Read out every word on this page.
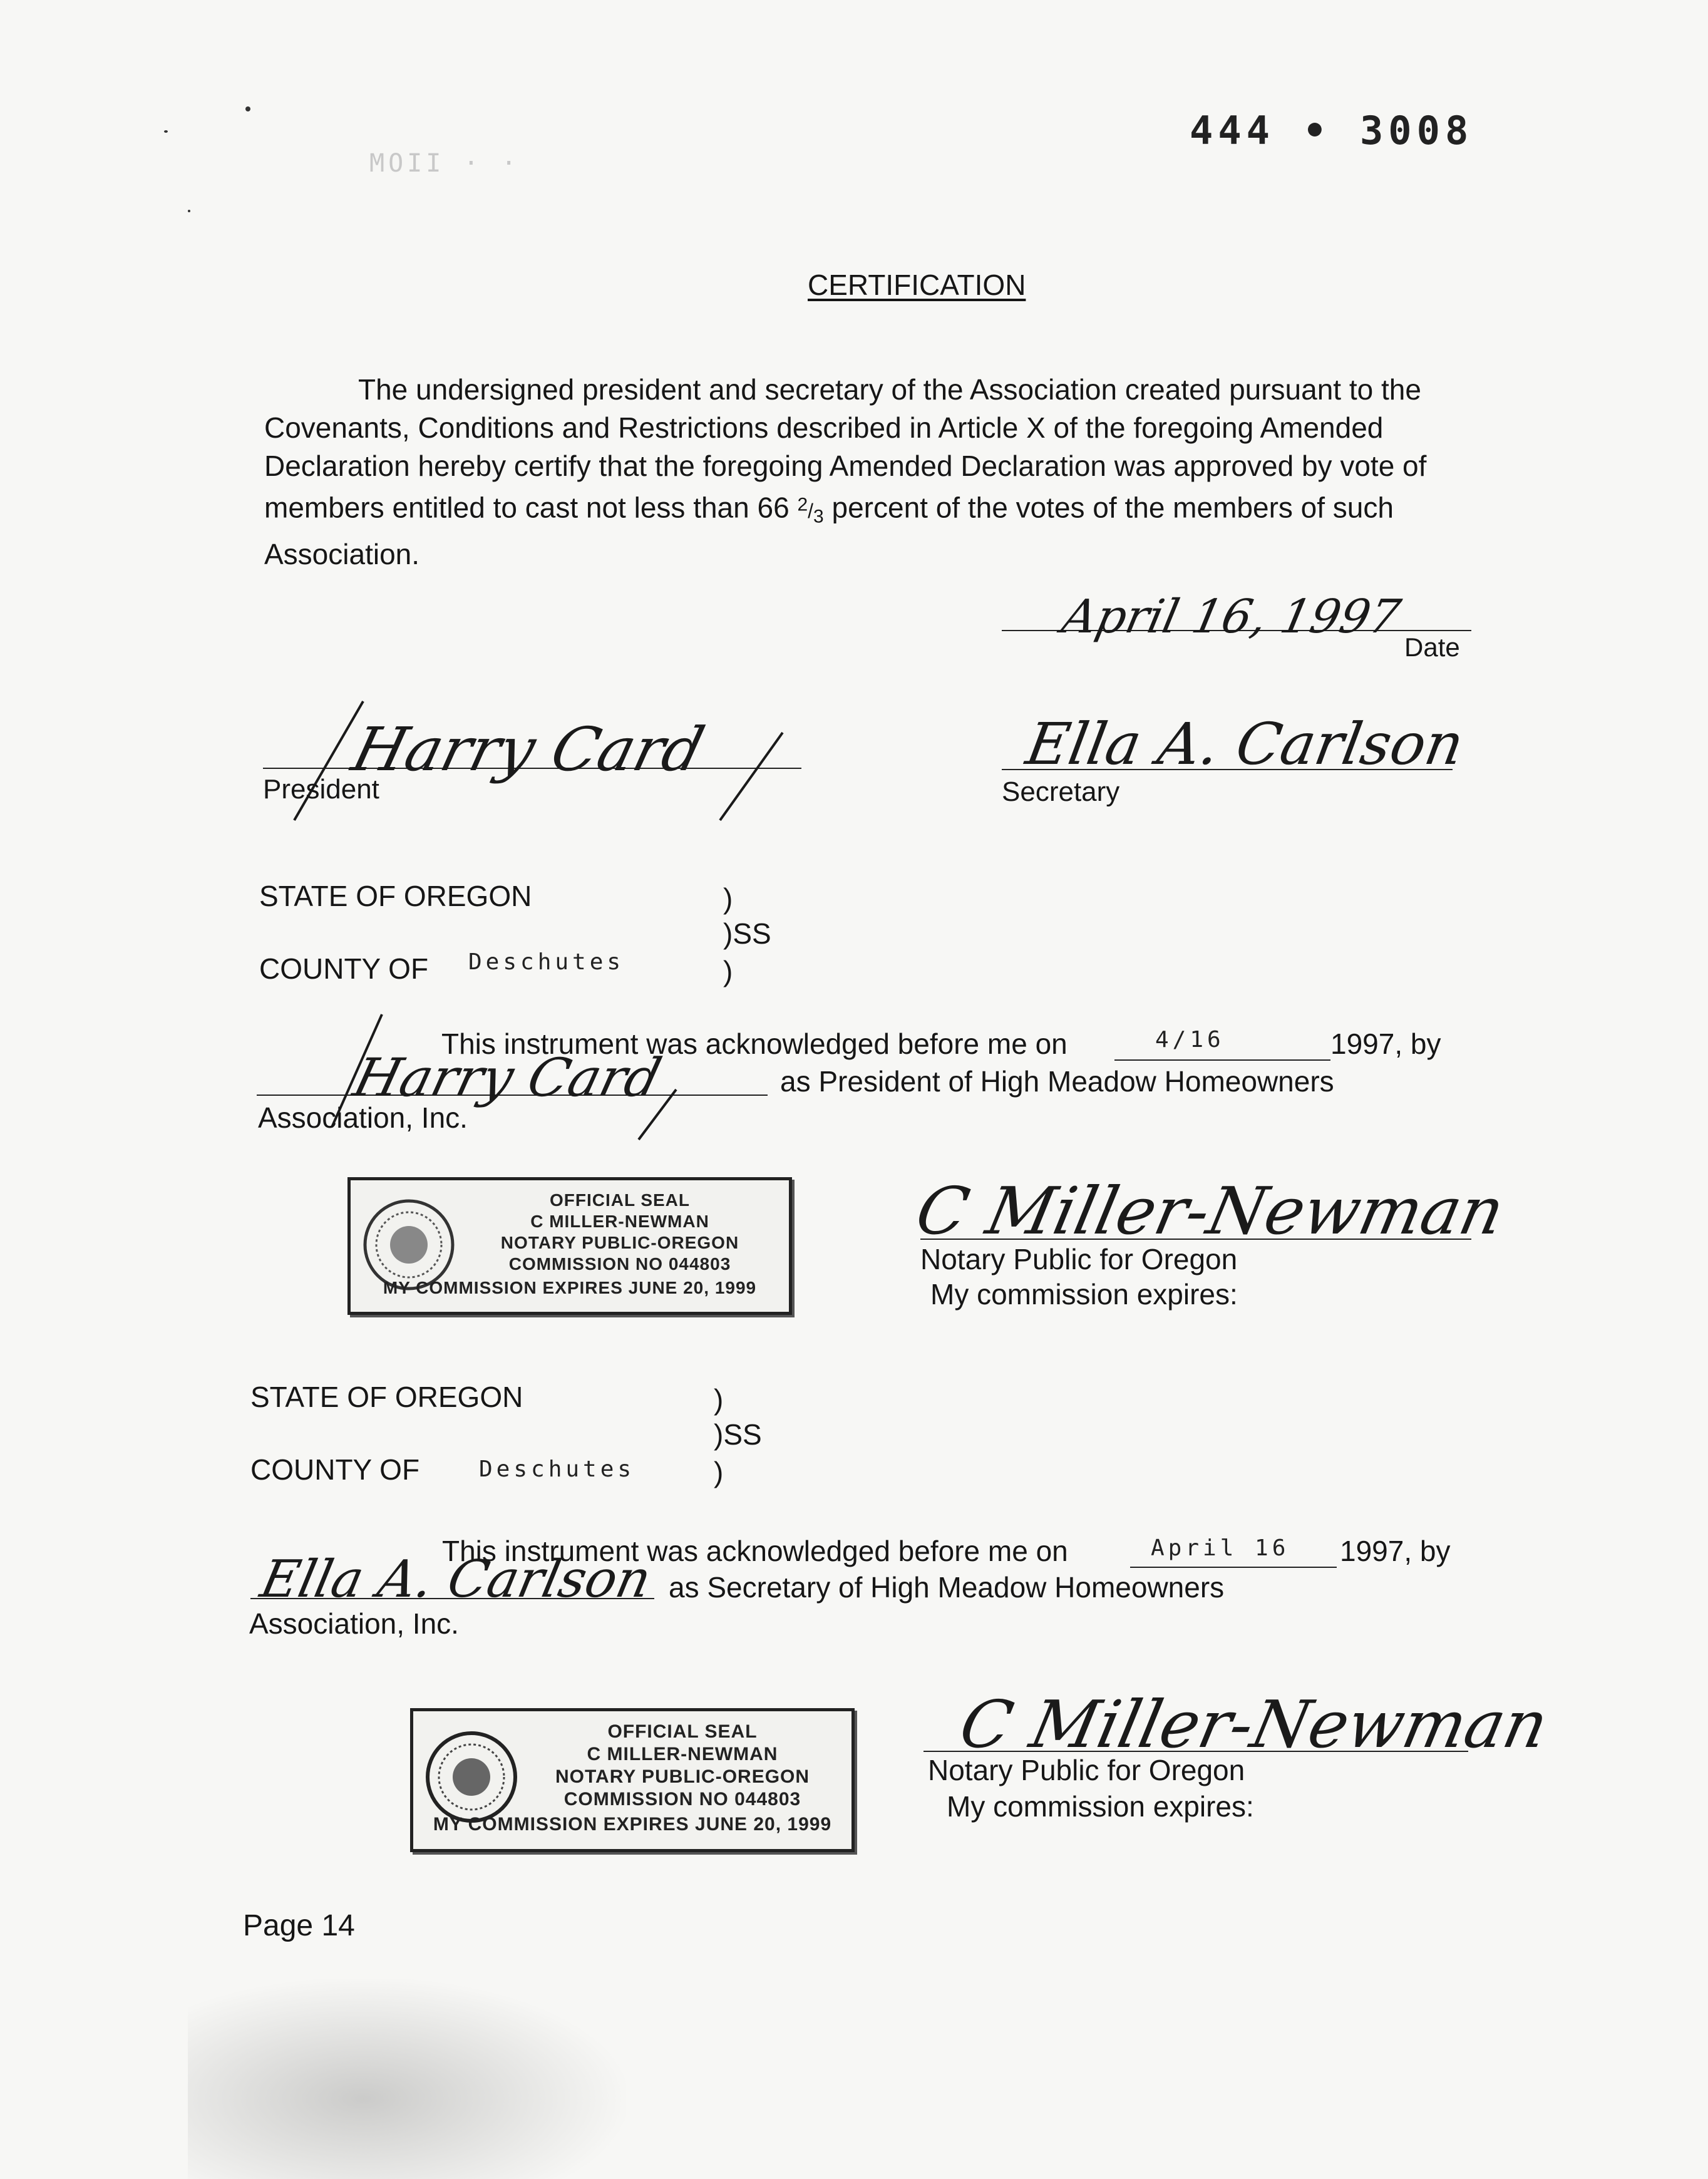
MOII · ·
444 • 3008
CERTIFICATION
The undersigned president and secretary of the Association created pursuant to the Covenants, Conditions and Restrictions described in Article X of the foregoing Amended Declaration hereby certify that the foregoing Amended Declaration was approved by vote of members entitled to cast not less than 66 $^2/_3$ percent of the votes of the members of such Association.
April 16, 1997
Date
Harry Card
President
Ella A. Carlson
Secretary
STATE OF OREGON	)
)SS
COUNTY OF Deschutes	)
This instrument was acknowledged before me on	4/16	1997, by
Harry Card	as President of High Meadow Homeowners
Association, Inc.
OFFICIAL SEAL
C MILLER-NEWMAN
NOTARY PUBLIC-OREGON
COMMISSION NO 044803
MY COMMISSION EXPIRES JUNE 20, 1999
C Miller-Newman
Notary Public for Oregon
My commission expires:
STATE OF OREGON	)
)SS
COUNTY OF	Deschutes	)
This instrument was acknowledged before me on	April 16 1997, by
Ella A. Carlson as Secretary of High Meadow Homeowners
Association, Inc.
OFFICIAL SEAL
C MILLER-NEWMAN
NOTARY PUBLIC-OREGON
COMMISSION NO 044803
MY COMMISSION EXPIRES JUNE 20, 1999
C Miller-Newman
Notary Public for Oregon
My commission expires:
Page 14
